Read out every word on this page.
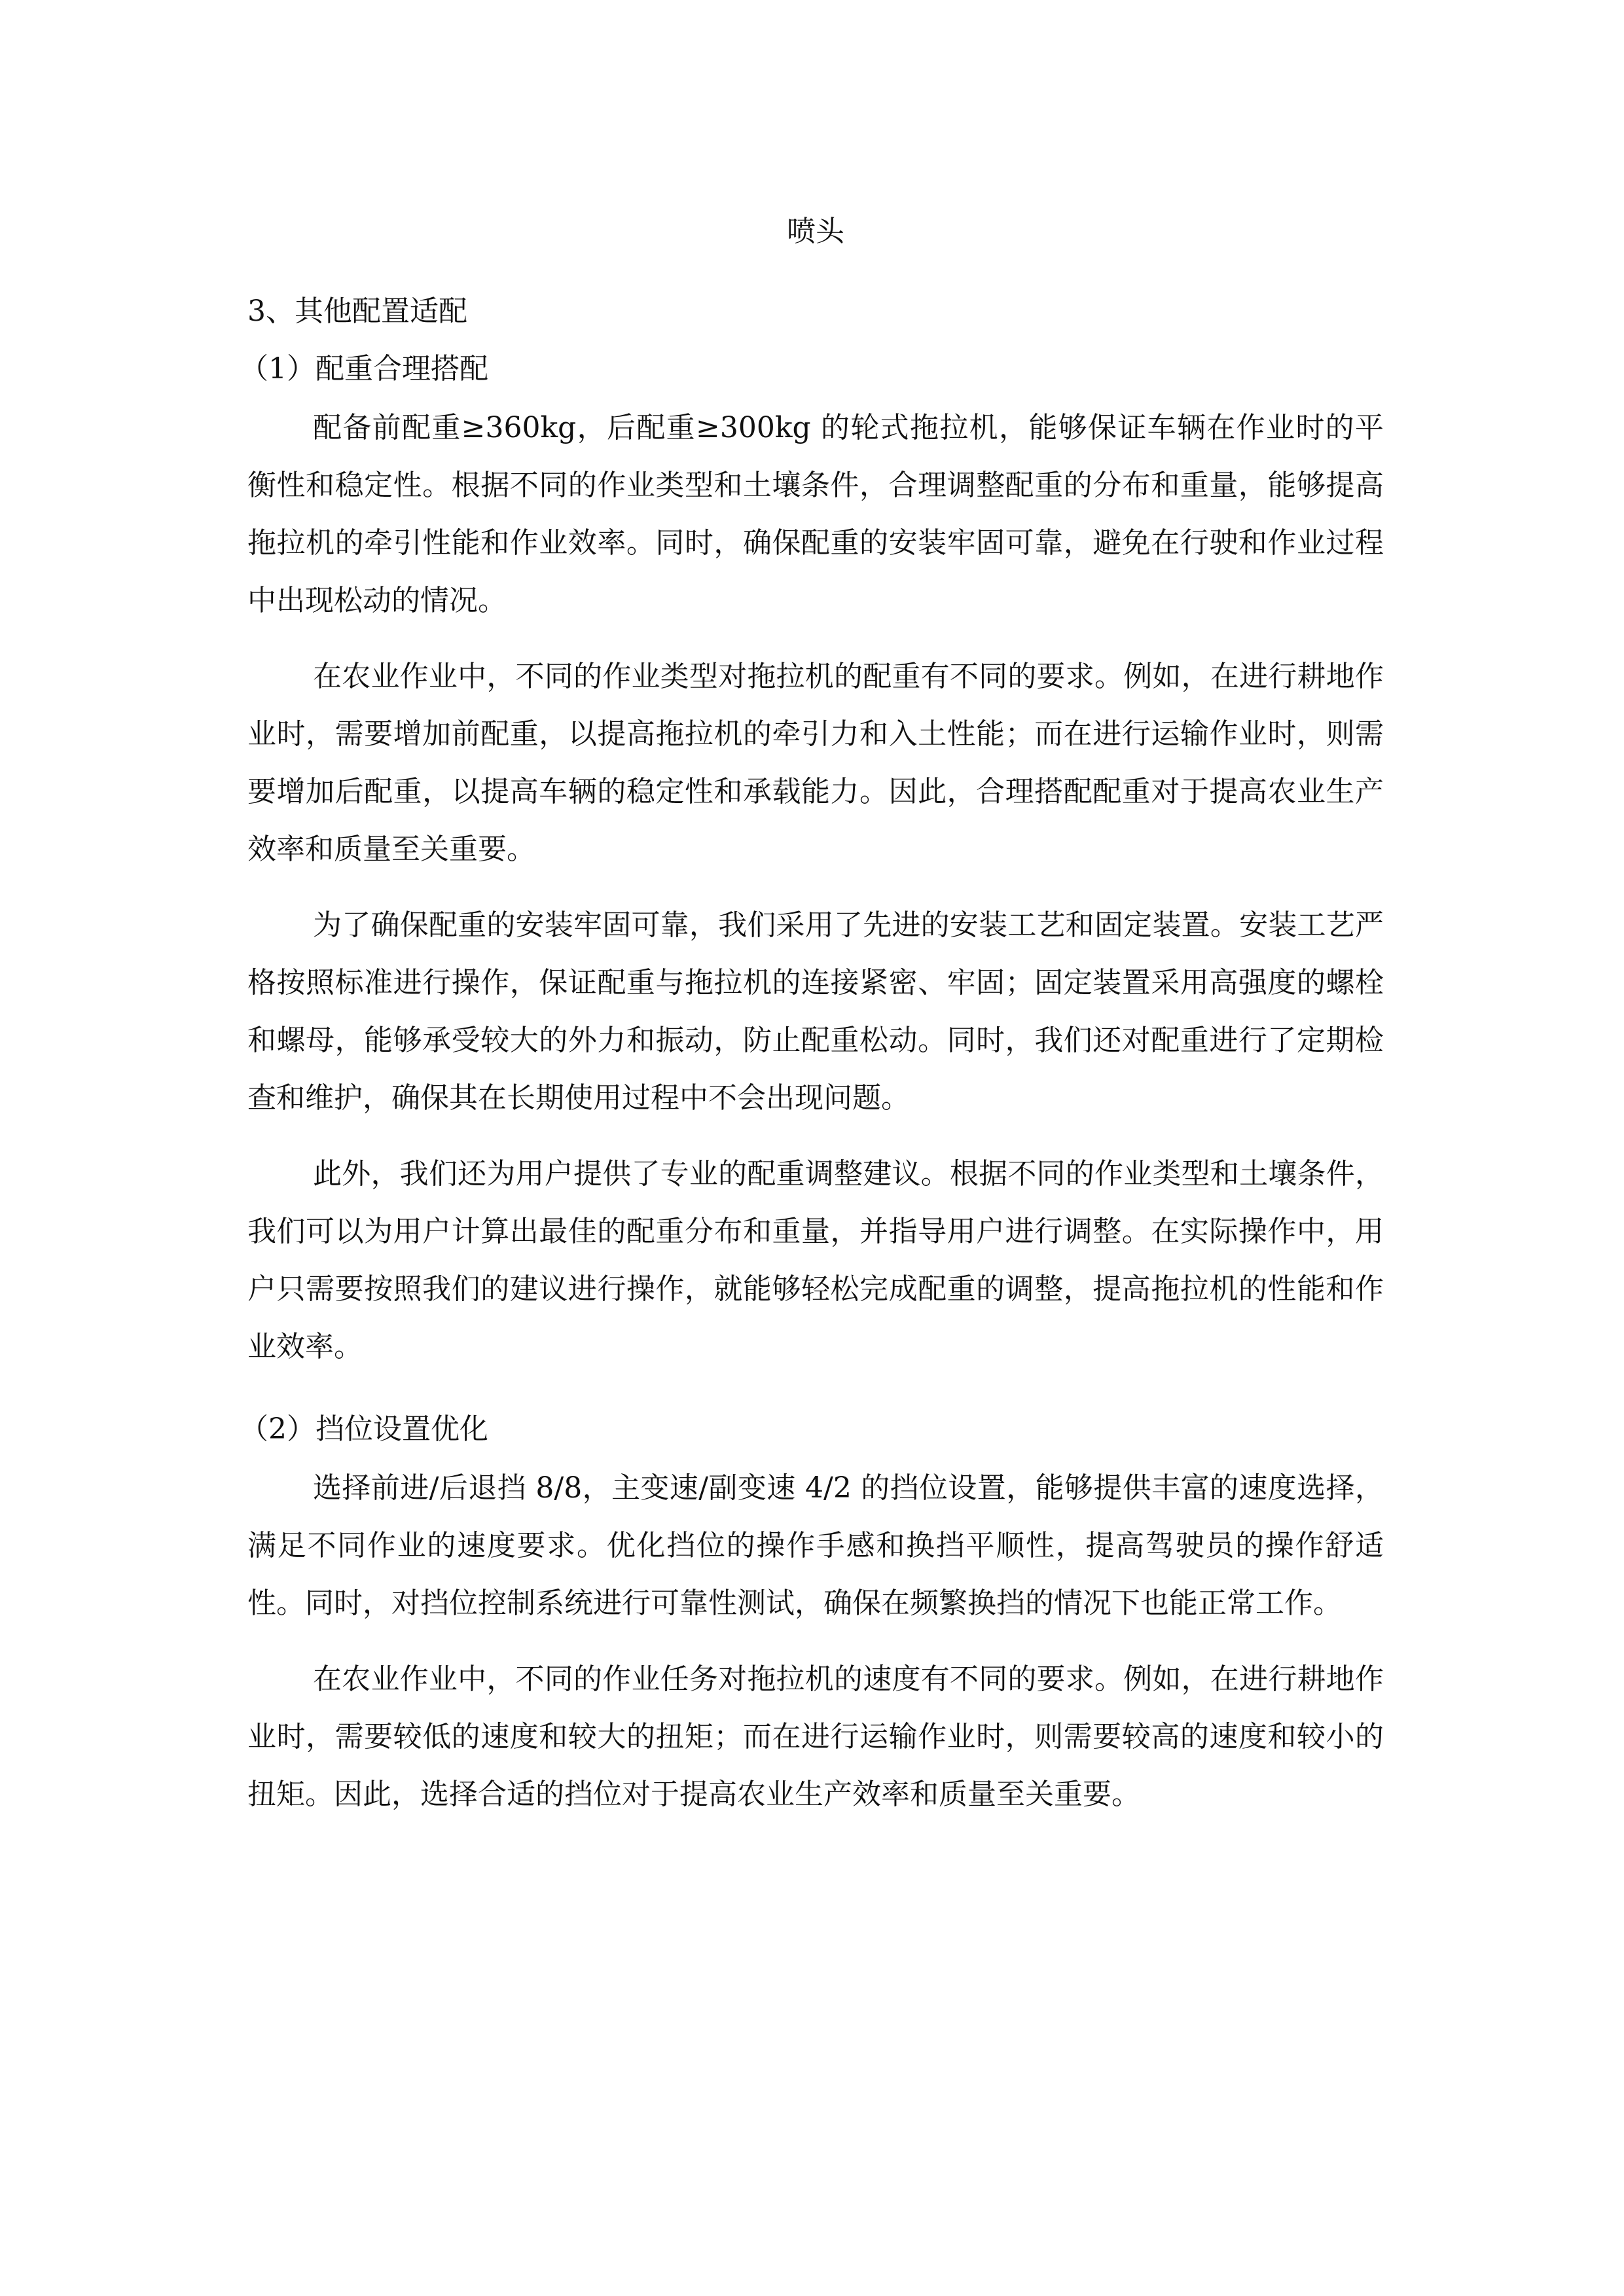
喷头

3、其他配置适配

（1）配重合理搭配

配备前配重≥360kg，后配重≥300kg 的轮式拖拉机，能够保证车辆在作业时的平衡性和稳定性。根据不同的作业类型和土壤条件，合理调整配重的分布和重量，能够提高拖拉机的牵引性能和作业效率。同时，确保配重的安装牢固可靠，避免在行驶和作业过程中出现松动的情况。

在农业作业中，不同的作业类型对拖拉机的配重有不同的要求。例如，在进行耕地作业时，需要增加前配重，以提高拖拉机的牵引力和入土性能；而在进行运输作业时，则需要增加后配重，以提高车辆的稳定性和承载能力。因此，合理搭配配重对于提高农业生产效率和质量至关重要。

为了确保配重的安装牢固可靠，我们采用了先进的安装工艺和固定装置。安装工艺严格按照标准进行操作，保证配重与拖拉机的连接紧密、牢固；固定装置采用高强度的螺栓和螺母，能够承受较大的外力和振动，防止配重松动。同时，我们还对配重进行了定期检查和维护，确保其在长期使用过程中不会出现问题。

此外，我们还为用户提供了专业的配重调整建议。根据不同的作业类型和土壤条件，我们可以为用户计算出最佳的配重分布和重量，并指导用户进行调整。在实际操作中，用户只需要按照我们的建议进行操作，就能够轻松完成配重的调整，提高拖拉机的性能和作业效率。

（2）挡位设置优化

选择前进/后退挡 8/8，主变速/副变速 4/2 的挡位设置，能够提供丰富的速度选择，满足不同作业的速度要求。优化挡位的操作手感和换挡平顺性，提高驾驶员的操作舒适性。同时，对挡位控制系统进行可靠性测试，确保在频繁换挡的情况下也能正常工作。

在农业作业中，不同的作业任务对拖拉机的速度有不同的要求。例如，在进行耕地作业时，需要较低的速度和较大的扭矩；而在进行运输作业时，则需要较高的速度和较小的扭矩。因此，选择合适的挡位对于提高农业生产效率和质量至关重要。
